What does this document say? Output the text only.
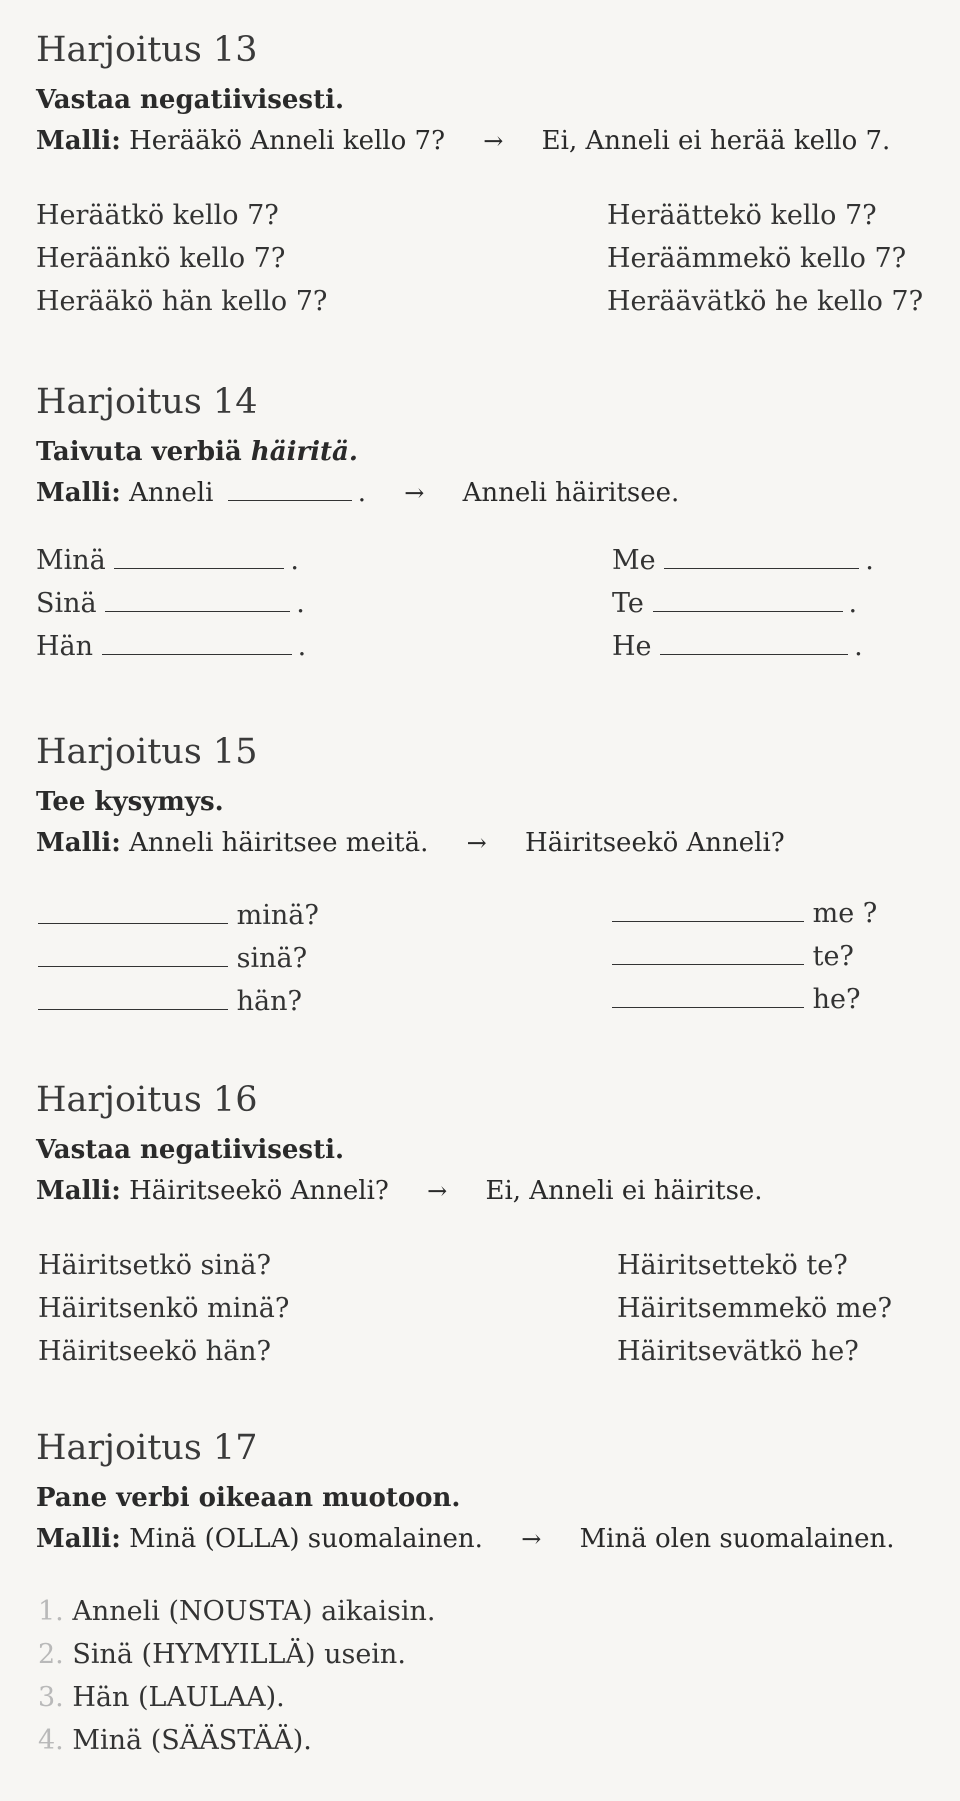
Harjoitus 13
Vastaa negatiivisesti.
Malli: Herääkö Anneli kello 7? → Ei, Anneli ei herää kello 7.
Heräätkö kello 7?
Heräänkö kello 7?
Herääkö hän kello 7?
Heräättekö kello 7?
Heräämmekö kello 7?
Heräävätkö he kello 7?
Harjoitus 14
Taivuta verbiä häiritä.
Malli: Anneli	. → Anneli häiritsee.
Minä	.
Sinä	.
Hän	.
Me	.
Te	.
He	.
Harjoitus 15
Tee kysymys.
Malli: Anneli häiritsee meitä. → Häiritseekö Anneli?
minä?
sinä?
hän?
me ?
te?
he?
Harjoitus 16
Vastaa negatiivisesti.
Malli: Häiritseekö Anneli? → Ei, Anneli ei häiritse.
Häiritsetkö sinä?
Häiritsenkö minä?
Häiritseekö hän?
Häiritsettekö te?
Häiritsemmekö me?
Häiritsevätkö he?
Harjoitus 17
Pane verbi oikeaan muotoon.
Malli: Minä (OLLA) suomalainen. → Minä olen suomalainen.
1. Anneli (NOUSTA) aikaisin.
2. Sinä (HYMYILLÄ) usein.
3. Hän (LAULAA).
4. Minä (SÄÄSTÄÄ).
